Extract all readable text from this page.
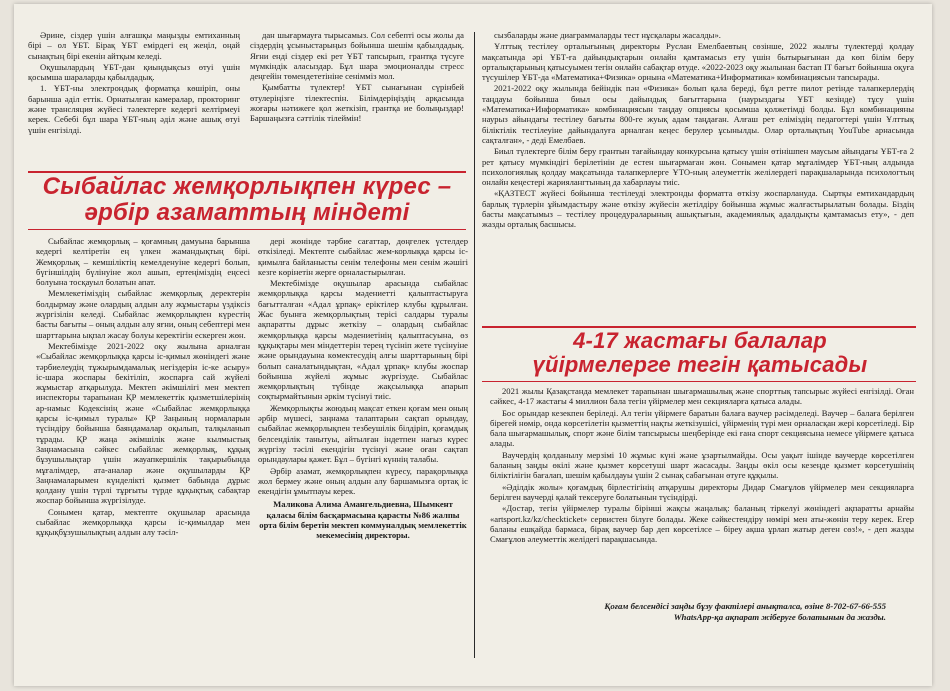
Әрине, сіздер үшін алғашқы маңызды емтиханның бірі – ол ҰБТ. Бірақ ҰБТ емірдегі ең жеңіл, оңай сынақтың бірі екенін айтқым келеді.

Оқушылардың ҰБТ-дан қиындықсыз өтуі үшін қосымша шараларды қабылдадық.

1. ҰБТ-ны электрондық форматқа көшіріп, оны барынша әділ еттік. Орнатылған камералар, прокторинг және трансляция жүйесі тәлектерге кедергі келтірмеуі керек. Себебі бұл шара ҰБТ-ның әділ және ашық өтуі үшін енгізілді.

дан шығармауға тырысамыз. Сол себепті осы жолы да сіздердің ұсыныстарыңыз бойынша шешім қабылдадық. Яғни енді сіздер екі рет ҰБТ тапсырып, грантқа түсуге мүмкіндік аласыздар. Бұл шара эмоционалды стресс деңгейін төмендететініне сенімміз мол.

Қымбатты түлектер! ҰБТ сынағынан сүрінбей өтулеріңізге тілектеспін. Білімдеріңіздің арқасында жоғары нәтижеге қол жеткізіп, грантқа ие болыңыздар! Баршаңызға сәттілік тілеймін!

сызбаларды және диаграммаларды тест нұсқалары жасалды».

Ұлттық тестілеу орталығының директоры Руслан Емелбаевтың сөзінше, 2022 жылғы түлектерді қолдау мақсатында әрі ҰБТ-ға дайындықтарын онлайн қамтамасыз ету үшін бытырығынан да көп білім беру орталықтарының қатысуымен тегін онлайн сабақтар өтуде. «2022-2023 оқу жылынан бастап IT бағыт бойынша оқуға түсушілер ҰБТ-да «Математика+Физика» орнына «Математика+Информатика» комбинациясын тапсырады.

2021-2022 оқу жылында бейіндік пән «Физика» болып қала береді, бұл ретте пилот ретінде талапкерлердің таңдауы бойынша биыл осы дайындық бағыттарына (наурыздағы ҰБТ кезінде) тұсу үшін «Математика+Информатика» комбинациясын таңдау опциясы қосымша қолжетімді болды. Бұл комбинацияны наурыз айындағы тестілеу бағыты 800-ге жуық адам таңдаған. Алғаш рет еліміздің педагогтері үшін Ұлттық біліктілік тестілеуіне дайындалуға арналған кеңес берулер ұсынылды. Олар орталықтың YouTube арнасында сақталған», - деді Емелбаев.

Биыл түлектерге білім беру грантын тағайындау конкурсына қатысу үшін өтінішпен маусым айындағы ҰБТ-ға 2 рет қатысу мүмкіндігі берілетінін де естен шығармаған жөн. Сонымен қатар мұғалімдер ҰБТ-ның алдында психологиялық қолдау мақсатында талапкерлерге ҰТО-ның әлеуметтік желілердегі парақшаларында психологтың онлайн кеңестері жариялангтының да хабарлауы тиіс.

«ҚАЗТЕСТ жүйесі бойынша тестілеуді электронды форматта өткізу жоспарлануда. Сыртқы емтихандардың барлық түрлерін ұйымдастыру және өткізу жүйесін жетілдіру бойынша жұмыс жалғастырылатын болады. Біздің басты мақсатымыз – тестілеу процедураларының ашықтығын, академиялық адалдықты қамтамасыз ету», - деп жазды орталық басшысы.

Сыбайлас жемқорлықпен күрес – әрбір азаматтың міндеті

Сыбайлас жемқорлық – қоғамның дамуына барынша кедергі келтіретін ең үлкен жамандықтың бірі. Жемқорлық – кемшіліктің кемелденуіне кедергі болып, бүгіншілдің бүлінуіне жол ашып, ертеңіміздің еңсесі болуына тосқауыл болатын апат.

Мемлекетіміздің сыбайлас жемқорлық деректерін болдырмау және олардың алдын алу жұмыстары үздіксіз жүргізілін келеді. Сыбайлас жемқорлықпен күрестің басты бағыты – оның алдын алу яғни, оның себептері мен шарттарына ықпал жасау болуы керектігін ескерген жөн.

Мектебімізде 2021-2022 оқу жылына арналған «Сыбайлас жемқорлыққа қарсы іс-қимыл жөніндегі және тәрбиелеудің тұжырымдамалық негіздерін іс-ке асыру» іс-шара жоспары бекітіліп, жоспарға сай жүйелі жұмыстар атқарылуда. Мектеп әкімшілігі мен мектеп инспекторы тарапынан ҚР мемлекеттік қызметшілерінің ар-намыс Кодексінің және «Сыбайлас жемқорлыққа қарсы іс-қимыл туралы» ҚР Заңының нормаларын түсіндіру бойынша баяндамалар оқылып, талқыланып тұрады. ҚР жаңа әкімшілік және кылмыстық Заңнамасына сәйкес сыбайлас жемқорлық, құқық бұзушылықтар үшін жауапкершілік тақырыбында мұғалімдер, ата-аналар және оқушыларды ҚР Заңнамаларымен күнделікті қызмет бабында дұрыс қолдану үшін түрлі тұрғыты түрде құқықтық сабақтар жоспар бойынша жүргізілуде.

Сонымен қатар, мектепте оқушылар арасында сыбайлас жемқорлыққа қарсы іс-қимылдар мен құқықбұзушылықтың алдын алу тәсіл-

дері жөнінде тәрбие сағаттар, дөңгелек үстелдер өткізіледі. Мектепте сыбайлас жем-корлыққа қарсы іс-қимылға байланысты сенім телефоны мен сенім жәшігі кезге көрінетін жерге орналастырылған.

Мектебімізде оқушылар арасында сыбайлас жемқорлыққа қарсы мәдениетті қалыптастыруға бағытталған «Адал ұрпақ» еріктілер клубы құрылған. Жас буынға жемқорлықтың терісі салдары туралы ақпаратты дұрыс жеткізу – олардың сыбайлас жемқорлыққа қарсы мәдениетінің қалыптасуына, өз құқықтары мен міндеттерін терең түсініп жете түсінуіне және орындауына көмектесудің алғы шарттарының бірі болып саналатындықтан, «Адал ұрпақ» клубы жоспар бойынша жүйелі жұмыс жүргізуде. Сыбайлас жемқорлықтың түбінде жақсылыққа апарып соқтырмайтынын әркім түсінуі тиіс.

Жемқорлықты жоюдың мақсат еткен қоғам мен оның әрбір мүшесі, заңнама талаптарын сақтап орындау, сыбайлас жемқорлықпен тезбеушілік білдіріп, қоғамдық белсенділік танытуы, айтылған індетпен нағыз күрес жүргізу тәсілі екендігін түсінуі және оған сақтап орындаулары қажет. Бұл – бүгінгі күннің талабы.

Әрбір азамат, жемқорлықпен күресу, парақорлыққа жол бермеу және оның алдын алу баршамызға ортақ іс екендігін ұмытпауы керек.

Маликова Алима Амангельдиевна, Шымкент қаласы білім басқармасына қарасты №86 жалпы орта білім беретін мектеп коммуналдық мемлекеттік мекемесінің директоры.

4-17 жастағы балалар үйірмелерге тегін қатысады

2021 жылы Қазақстанда мемлекет тарапынан шығармашылық және спорттық тапсырыс жүйесі енгізілді. Оған сәйкес, 4-17 жастағы 4 миллион бала тегін үйірмелер мен секцияларға қатыса алады.

Бос орындар кезекпен беріледі. Ал тегін үйірмеге баратын балаға ваучер рәсімделеді. Ваучер – балаға берілген бірегей нөмір, онда көрсетілетін қызметтің нақты жеткізушісі, үйірменің түрі мен орналасқан жері көрсетіледі. Бір бала шығармашылық, спорт және білім тапсырысы шеңберінде екі ғана спорт секциясына немесе үйірмеге қатыса алады.

Ваучердің қолданылу мерзімі 10 жұмыс күні және ұзартылмайды. Осы уақыт ішінде ваучерде көрсетілген баланың заңды өкілі және қызмет көрсетуші шарт жасасады. Заңды өкіл осы кезеңде қызмет көрсетушінің біліктілігін бағалап, шешім қабылдауы үшін 2 сынақ сабағынан өтуге құқылы.

«Әділдік жолы» қоғамдық бірлестігінің атқарушы директоры Дидар Смағұлов үйірмелер мен секцияларға берілген ваучерді қалай тексеруге болатынын түсіндірді.

«Достар, тегін үйірмелер туралы бірінші жақсы жаңалық: баланың тіркелуі жөніндегі ақпаратты арнайы «artsport.kz/kz/checkticket» сервистен білуге болады. Жеке сәйкестендіру нөмірі мен аты-жөнін теру керек. Егер баланы ешқайда бармаса, бірақ ваучер бар деп көрсетілсе – біреу ақша ұрлап жатыр деген сөз!», - деп жазды Смағұлов әлеуметтік желідегі парақшасында.

Қоғам белсендісі заңды бұзу фактілері анықталса, өзіне 8-702-67-66-555
WhatsApp-қа ақпарат жіберуге болатынын да жазды.
